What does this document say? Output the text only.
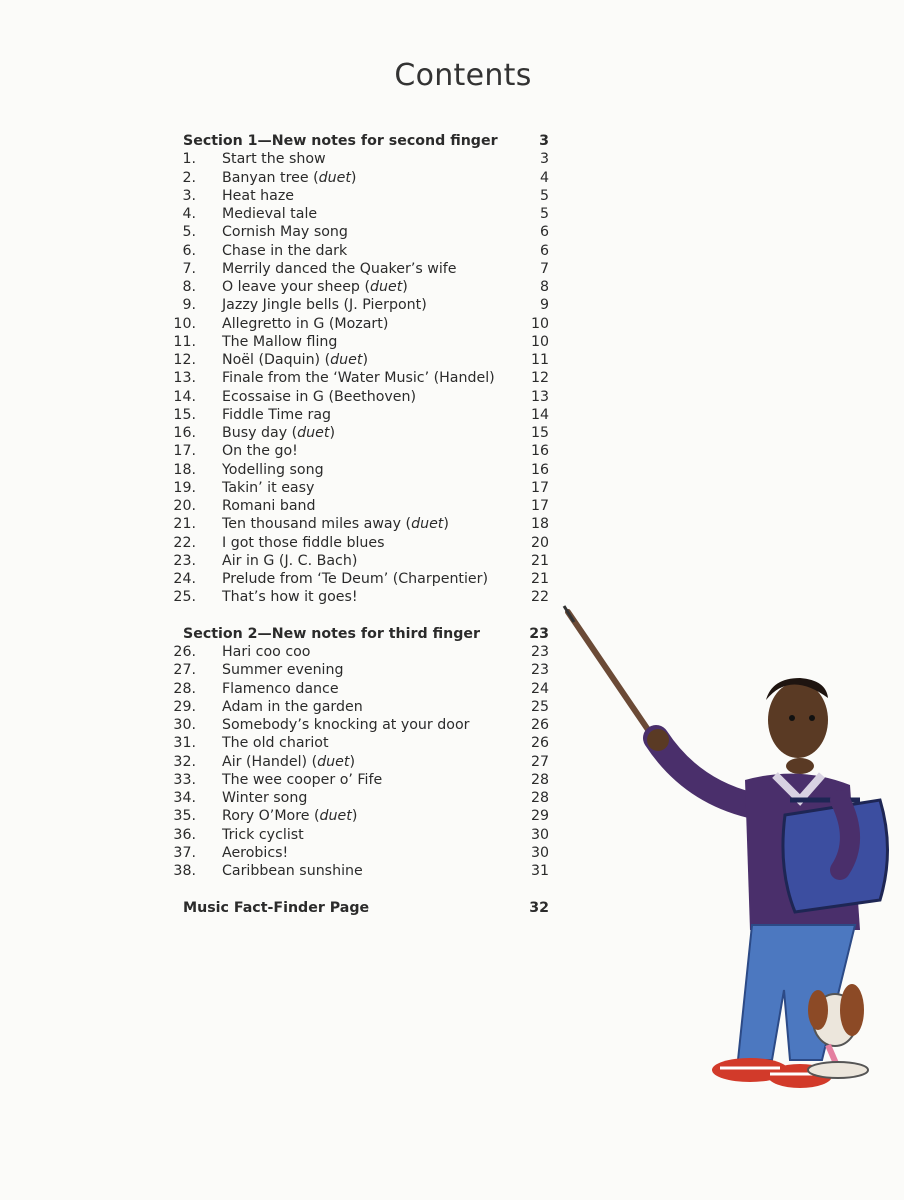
Contents
Section 1—New notes for second finger	3
1. Start the show	3
2. Banyan tree (duet)	4
3. Heat haze	5
4. Medieval tale	5
5. Cornish May song	6
6. Chase in the dark	6
7. Merrily danced the Quaker’s wife	7
8. O leave your sheep (duet)	8
9. Jazzy Jingle bells (J. Pierpont)	9
10. Allegretto in G (Mozart)	10
11. The Mallow fling	10
12. Noël (Daquin) (duet)	11
13. Finale from the ‘Water Music’ (Handel)	12
14. Ecossaise in G (Beethoven)	13
15. Fiddle Time rag	14
16. Busy day (duet)	15
17. On the go!	16
18. Yodelling song	16
19. Takin’ it easy	17
20. Romani band	17
21. Ten thousand miles away (duet)	18
22. I got those fiddle blues	20
23. Air in G (J. C. Bach)	21
24. Prelude from ‘Te Deum’ (Charpentier)	21
25. That’s how it goes!	22
Section 2—New notes for third finger	23
26. Hari coo coo	23
27. Summer evening	23
28. Flamenco dance	24
29. Adam in the garden	25
30. Somebody’s knocking at your door	26
31. The old chariot	26
32. Air (Handel) (duet)	27
33. The wee cooper o’ Fife	28
34. Winter song	28
35. Rory O’More (duet)	29
36. Trick cyclist	30
37. Aerobics!	30
38. Caribbean sunshine	31
Music Fact-Finder Page	32
